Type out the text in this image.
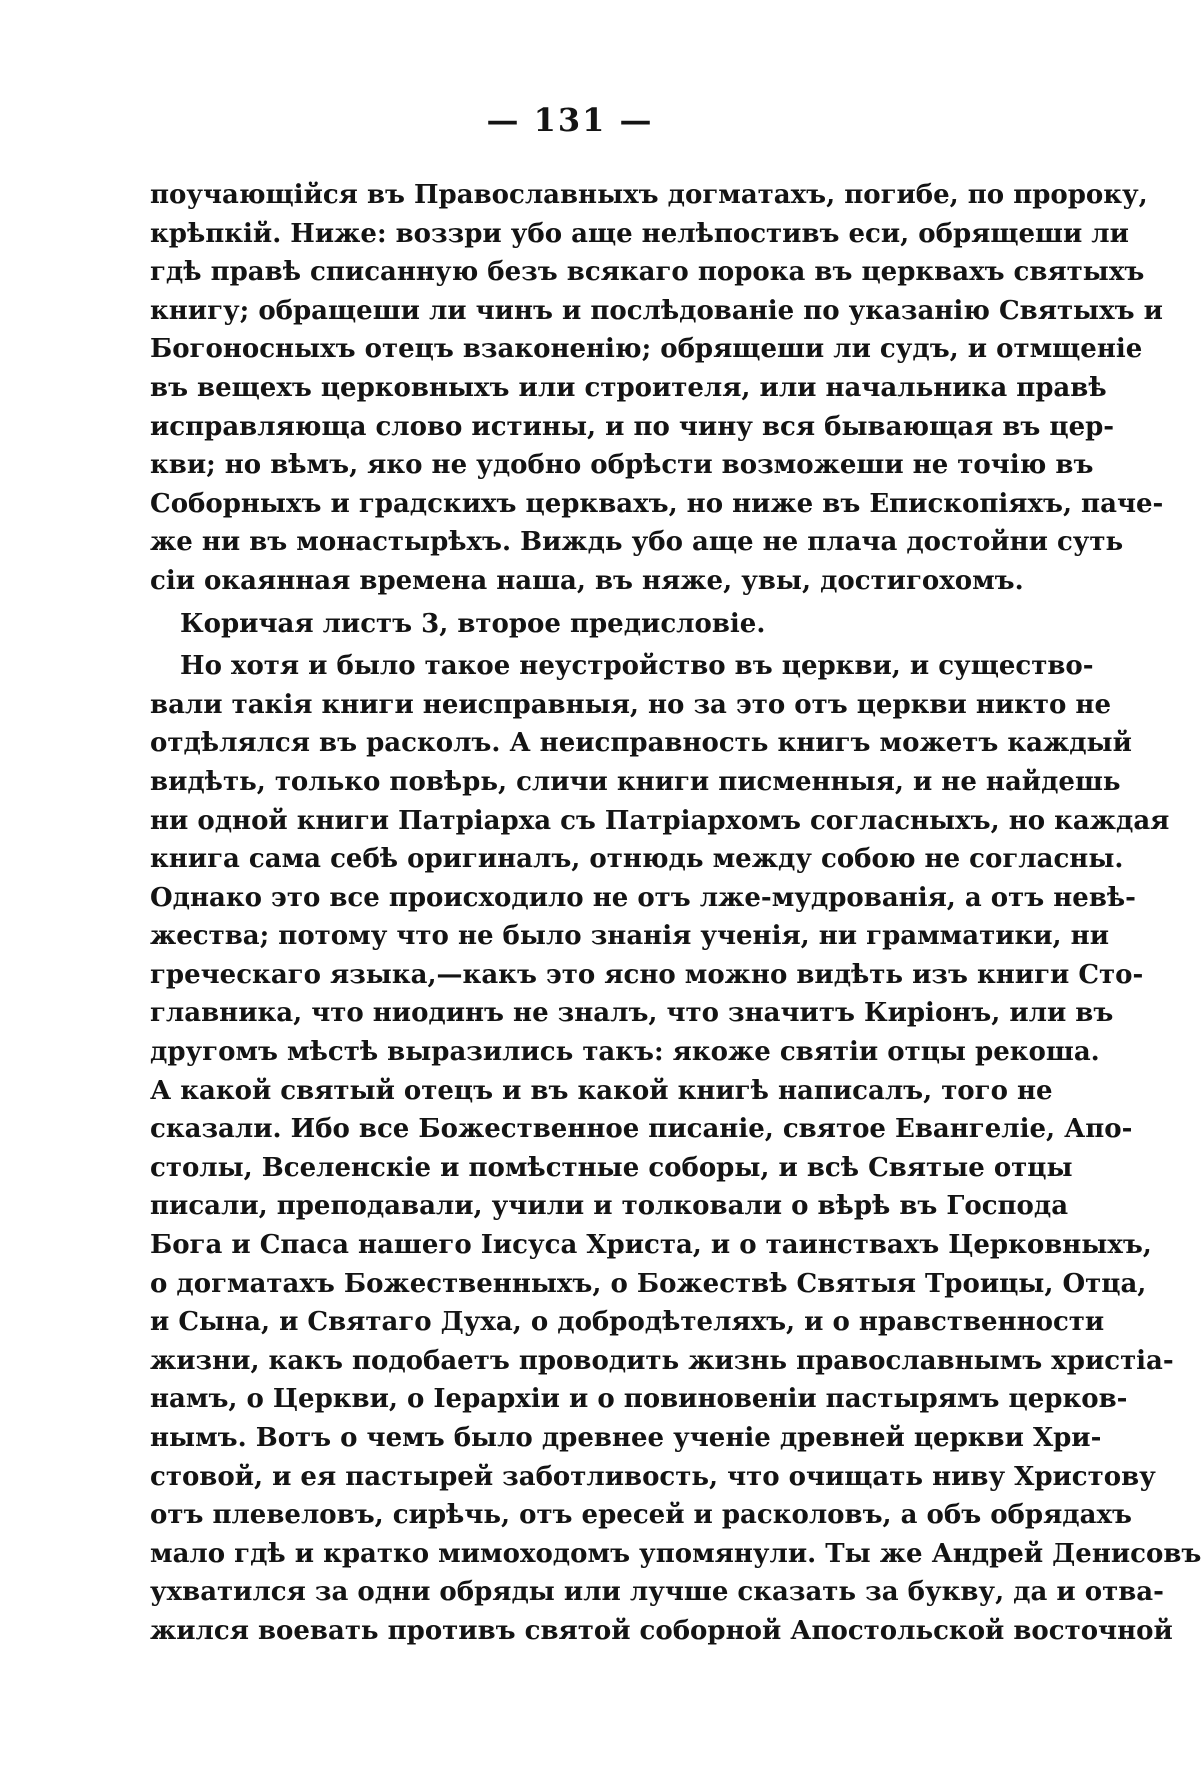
— 131 —
поучающійся въ Православныхъ догматахъ, погибе, по пророку,
крѣпкій. Ниже: воззри убо аще нелѣпостивъ еси, обрящеши ли
гдѣ правѣ списанную безъ всякаго порока въ церквахъ святыхъ
книгу; обращеши ли чинъ и послѣдованіе по указанію Святыхъ и
Богоносныхъ отецъ взаконенію; обрящеши ли судъ, и отмщеніе
въ вещехъ церковныхъ или строителя, или начальника правѣ
исправляюща слово истины, и по чину вся бывающая въ цер-
кви; но вѣмъ, яко не удобно обрѣсти возможеши не точію въ
Соборныхъ и градскихъ церквахъ, но ниже въ Епископіяхъ, паче-
же ни въ монастырѣхъ. Виждь убо аще не плача достойни суть
сіи окаянная времена наша, въ няже, увы, достигохомъ.
Коричая листъ 3, второе предисловіе.
Но хотя и было такое неустройство въ церкви, и существо-
вали такія книги неисправныя, но за это отъ церкви никто не
отдѣлялся въ расколъ. А неисправность книгъ можетъ каждый
видѣть, только повѣрь, сличи книги писменныя, и не найдешь
ни одной книги Патріарха съ Патріархомъ согласныхъ, но каждая
книга сама себѣ оригиналъ, отнюдь между собою не согласны.
Однако это все происходило не отъ лже-мудрованія, а отъ невѣ-
жества; потому что не было знанія ученія, ни грамматики, ни
греческаго языка,—какъ это ясно можно видѣть изъ книги Сто-
главника, что ниодинъ не зналъ, что значитъ Киріонъ, или въ
другомъ мѣстѣ выразились такъ: якоже святіи отцы рекоша.
А какой святый отецъ и въ какой книгѣ написалъ, того не
сказали. Ибо все Божественное писаніе, святое Евангеліе, Апо-
столы, Вселенскіе и помѣстные соборы, и всѣ Святые отцы
писали, преподавали, учили и толковали о вѣрѣ въ Господа
Бога и Спаса нашего Іисуса Христа, и о таинствахъ Церковныхъ,
о догматахъ Божественныхъ, о Божествѣ Святыя Троицы, Отца,
и Сына, и Святаго Духа, о добродѣтеляхъ, и о нравственности
жизни, какъ подобаетъ проводить жизнь православнымъ христіа-
намъ, о Церкви, о Іерархіи и о повиновеніи пастырямъ церков-
нымъ. Вотъ о чемъ было древнее ученіе древней церкви Хри-
стовой, и ея пастырей заботливость, что очищать ниву Христову
отъ плевеловъ, сирѣчь, отъ ересей и расколовъ, а объ обрядахъ
мало гдѣ и кратко мимоходомъ упомянули. Ты же Андрей Денисовъ
ухватился за одни обряды или лучше сказать за букву, да и отва-
жился воевать противъ святой соборной Апостольской восточной
